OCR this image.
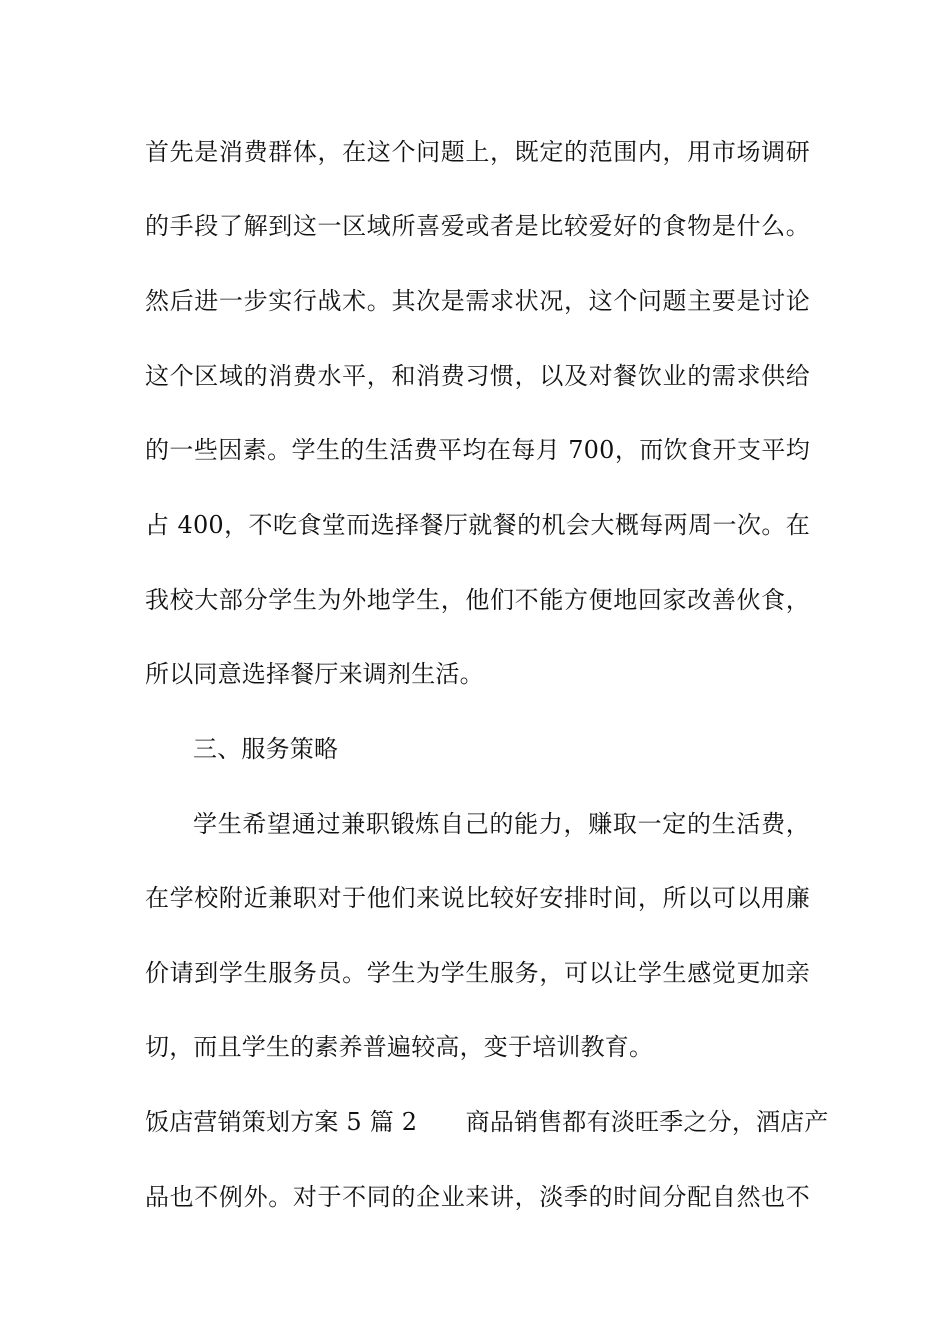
首先是消费群体，在这个问题上，既定的范围内，用市场调研
的手段了解到这一区域所喜爱或者是比较爱好的食物是什么。
然后进一步实行战术。其次是需求状况，这个问题主要是讨论
这个区域的消费水平，和消费习惯，以及对餐饮业的需求供给
的一些因素。学生的生活费平均在每月 700，而饮食开支平均
占 400，不吃食堂而选择餐厅就餐的机会大概每两周一次。在
我校大部分学生为外地学生，他们不能方便地回家改善伙食，
所以同意选择餐厅来调剂生活。
三、服务策略
学生希望通过兼职锻炼自己的能力，赚取一定的生活费，
在学校附近兼职对于他们来说比较好安排时间，所以可以用廉
价请到学生服务员。学生为学生服务，可以让学生感觉更加亲
切，而且学生的素养普遍较高，变于培训教育。
饭店营销策划方案 5 篇 2　　商品销售都有淡旺季之分，酒店产
品也不例外。对于不同的企业来讲，淡季的时间分配自然也不
